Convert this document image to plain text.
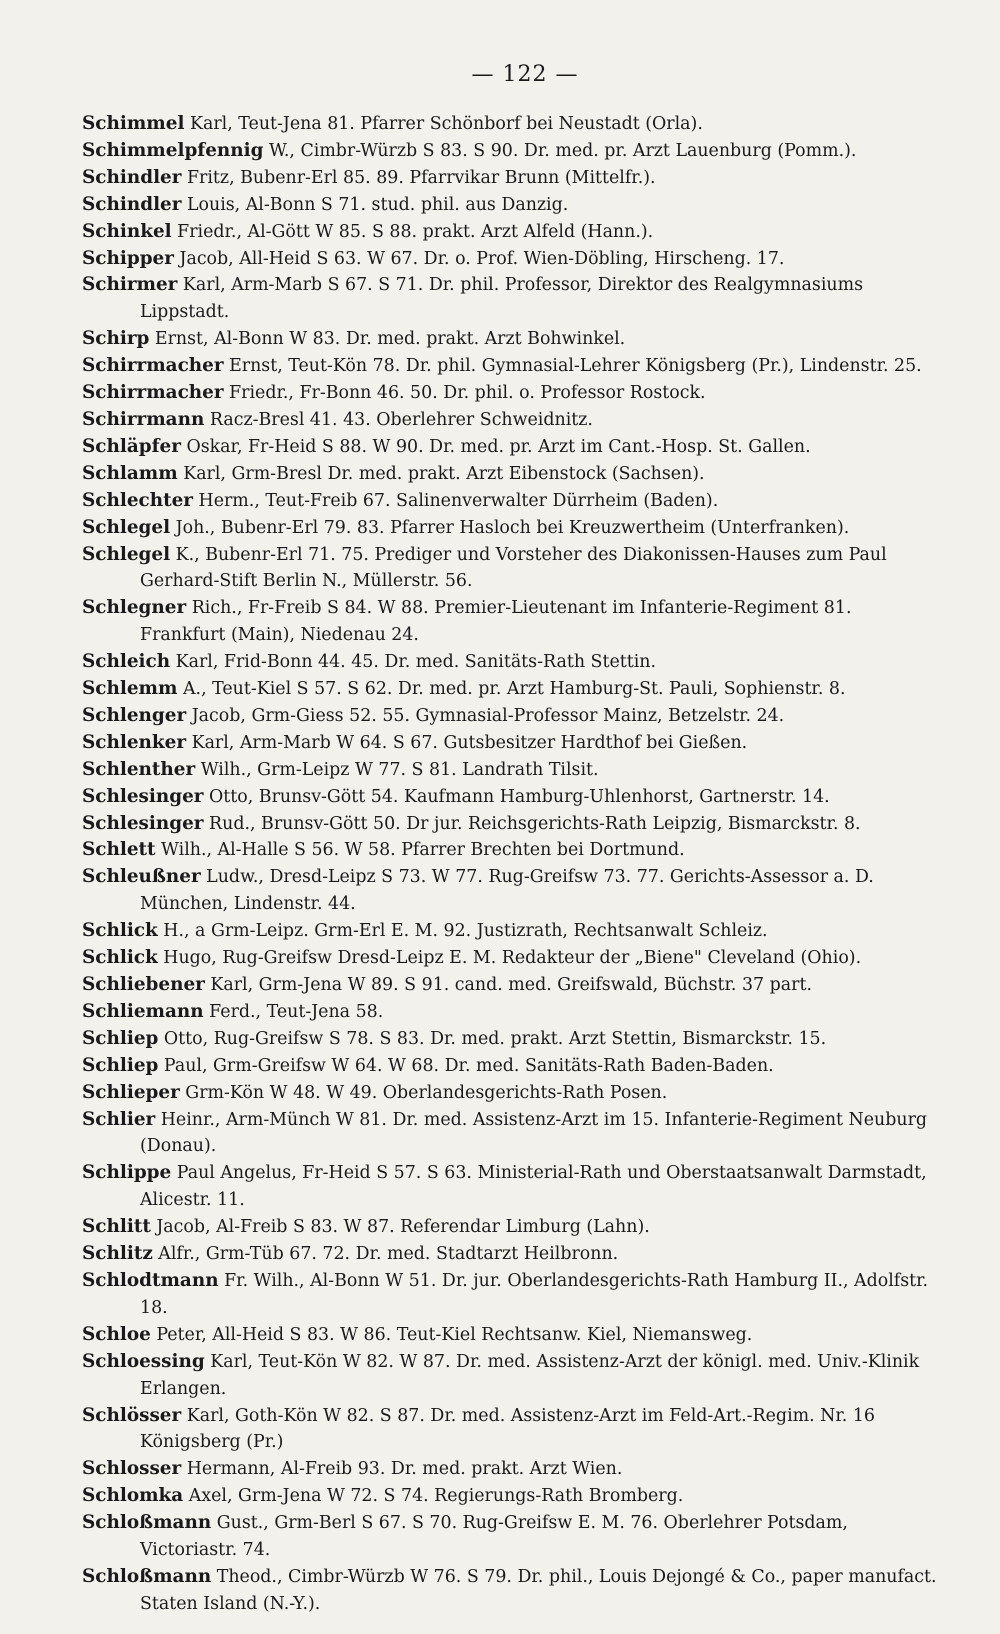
— 122 —
Schimmel Karl, Teut-Jena 81. Pfarrer Schönborf bei Neustadt (Orla).
Schimmelpfennig W., Cimbr-Würzb S 83. S 90. Dr. med. pr. Arzt Lauenburg (Pomm.).
Schindler Fritz, Bubenr-Erl 85. 89. Pfarrvikar Brunn (Mittelfr.).
Schindler Louis, Al-Bonn S 71. stud. phil. aus Danzig.
Schinkel Friedr., Al-Gött W 85. S 88. prakt. Arzt Alfeld (Hann.).
Schipper Jacob, All-Heid S 63. W 67. Dr. o. Prof. Wien-Döbling, Hirscheng. 17.
Schirmer Karl, Arm-Marb S 67. S 71. Dr. phil. Professor, Direktor des Realgymnasiums Lippstadt.
Schirp Ernst, Al-Bonn W 83. Dr. med. prakt. Arzt Bohwinkel.
Schirrmacher Ernst, Teut-Kön 78. Dr. phil. Gymnasial-Lehrer Königsberg (Pr.), Lindenstr. 25.
Schirrmacher Friedr., Fr-Bonn 46. 50. Dr. phil. o. Professor Rostock.
Schirrmann Racz-Bresl 41. 43. Oberlehrer Schweidnitz.
Schläpfer Oskar, Fr-Heid S 88. W 90. Dr. med. pr. Arzt im Cant.-Hosp. St. Gallen.
Schlamm Karl, Grm-Bresl Dr. med. prakt. Arzt Eibenstock (Sachsen).
Schlechter Herm., Teut-Freib 67. Salinenverwalter Dürrheim (Baden).
Schlegel Joh., Bubenr-Erl 79. 83. Pfarrer Hasloch bei Kreuzwertheim (Unterfranken).
Schlegel K., Bubenr-Erl 71. 75. Prediger und Vorsteher des Diakonissen-Hauses zum Paul Gerhard-Stift Berlin N., Müllerstr. 56.
Schlegner Rich., Fr-Freib S 84. W 88. Premier-Lieutenant im Infanterie-Regiment 81. Frankfurt (Main), Niedenau 24.
Schleich Karl, Frid-Bonn 44. 45. Dr. med. Sanitäts-Rath Stettin.
Schlemm A., Teut-Kiel S 57. S 62. Dr. med. pr. Arzt Hamburg-St. Pauli, Sophienstr. 8.
Schlenger Jacob, Grm-Giess 52. 55. Gymnasial-Professor Mainz, Betzelstr. 24.
Schlenker Karl, Arm-Marb W 64. S 67. Gutsbesitzer Hardthof bei Gießen.
Schlenther Wilh., Grm-Leipz W 77. S 81. Landrath Tilsit.
Schlesinger Otto, Brunsv-Gött 54. Kaufmann Hamburg-Uhlenhorst, Gartnerstr. 14.
Schlesinger Rud., Brunsv-Gött 50. Dr jur. Reichsgerichts-Rath Leipzig, Bismarckstr. 8.
Schlett Wilh., Al-Halle S 56. W 58. Pfarrer Brechten bei Dortmund.
Schleußner Ludw., Dresd-Leipz S 73. W 77. Rug-Greifsw 73. 77. Gerichts-Assessor a. D. München, Lindenstr. 44.
Schlick H., a Grm-Leipz. Grm-Erl E. M. 92. Justizrath, Rechtsanwalt Schleiz.
Schlick Hugo, Rug-Greifsw Dresd-Leipz E. M. Redakteur der „Biene" Cleveland (Ohio).
Schliebener Karl, Grm-Jena W 89. S 91. cand. med. Greifswald, Büchstr. 37 part.
Schliemann Ferd., Teut-Jena 58.
Schliep Otto, Rug-Greifsw S 78. S 83. Dr. med. prakt. Arzt Stettin, Bismarckstr. 15.
Schliep Paul, Grm-Greifsw W 64. W 68. Dr. med. Sanitäts-Rath Baden-Baden.
Schlieper Grm-Kön W 48. W 49. Oberlandesgerichts-Rath Posen.
Schlier Heinr., Arm-Münch W 81. Dr. med. Assistenz-Arzt im 15. Infanterie-Regiment Neuburg (Donau).
Schlippe Paul Angelus, Fr-Heid S 57. S 63. Ministerial-Rath und Oberstaatsanwalt Darmstadt, Alicestr. 11.
Schlitt Jacob, Al-Freib S 83. W 87. Referendar Limburg (Lahn).
Schlitz Alfr., Grm-Tüb 67. 72. Dr. med. Stadtarzt Heilbronn.
Schlodtmann Fr. Wilh., Al-Bonn W 51. Dr. jur. Oberlandesgerichts-Rath Hamburg II., Adolfstr. 18.
Schloe Peter, All-Heid S 83. W 86. Teut-Kiel Rechtsanw. Kiel, Niemansweg.
Schloessing Karl, Teut-Kön W 82. W 87. Dr. med. Assistenz-Arzt der königl. med. Univ.-Klinik Erlangen.
Schlösser Karl, Goth-Kön W 82. S 87. Dr. med. Assistenz-Arzt im Feld-Art.-Regim. Nr. 16 Königsberg (Pr.)
Schlosser Hermann, Al-Freib 93. Dr. med. prakt. Arzt Wien.
Schlomka Axel, Grm-Jena W 72. S 74. Regierungs-Rath Bromberg.
Schloßmann Gust., Grm-Berl S 67. S 70. Rug-Greifsw E. M. 76. Oberlehrer Potsdam, Victoriastr. 74.
Schloßmann Theod., Cimbr-Würzb W 76. S 79. Dr. phil., Louis Dejongé & Co., paper manufact. Staten Island (N.-Y.).
